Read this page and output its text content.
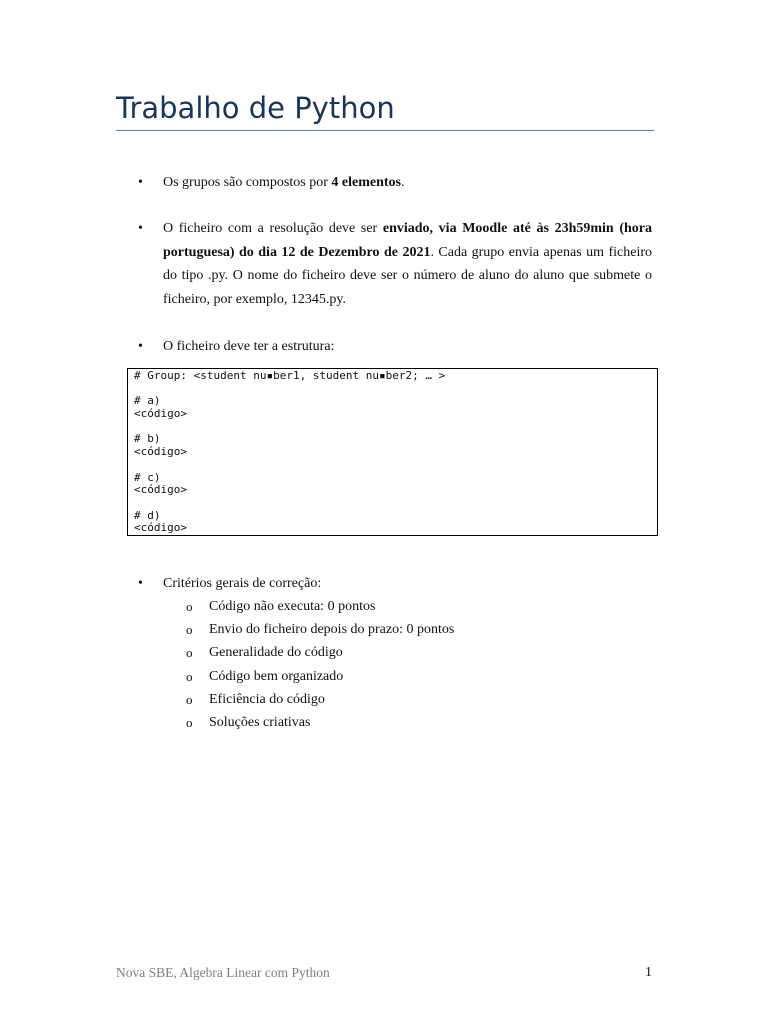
Trabalho de Python
•	Os grupos são compostos por 4 elementos.

•	O ficheiro com a resolução deve ser enviado, via Moodle até às 23h59min (hora portuguesa) do dia 12 de Dezembro de 2021. Cada grupo envia apenas um ficheiro do tipo .py. O nome do ficheiro deve ser o número de aluno do aluno que submete o ficheiro, por exemplo, 12345.py.

•	O ficheiro deve ter a estrutura:

# Group: <student nu▪ber1, student nu▪ber2; … >
# a)
<código>
# b)
<código>
# c)
<código>
# d)
<código>
•	Critérios gerais de correção:

o Código não executa: 0 pontos
o Envio do ficheiro depois do prazo: 0 pontos
o Generalidade do código
o Código bem organizado
o Eficiência do código
o Soluções criativas
Nova SBE, Algebra Linear com Python	1
